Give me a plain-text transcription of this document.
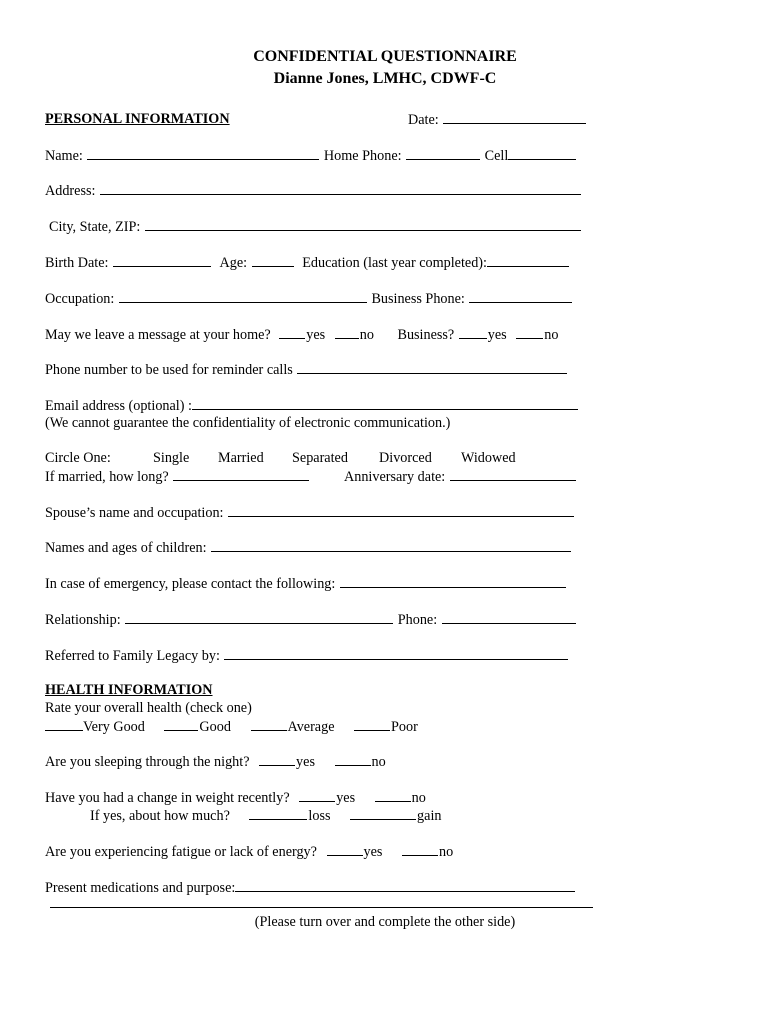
CONFIDENTIAL QUESTIONNAIRE
Dianne Jones, LMHC, CDWF-C
PERSONAL INFORMATION	Date:
Name:	Home Phone:	Cell
Address:
City, State, ZIP:
Birth Date:	Age:	Education (last year completed):
Occupation:	Business Phone:
May we leave a message at your home?	yes no Business? yes	no
Phone number to be used for reminder calls
Email address (optional) :
(We cannot guarantee the confidentiality of electronic communication.)
Circle One:	Single Married Separated Divorced Widowed
If married, how long?	Anniversary date:
Spouse’s name and occupation:
Names and ages of children:
In case of emergency, please contact the following:
Relationship:	Phone:
Referred to Family Legacy by:
HEALTH INFORMATION
Rate your overall health (check one)
Very Good	Good	Average	Poor
Are you sleeping through the night?	yes	no
Have you had a change in weight recently?	yes	no
If yes, about how much?	loss	gain
Are you experiencing fatigue or lack of energy?	yes	no
Present medications and purpose:
(Please turn over and complete the other side)
